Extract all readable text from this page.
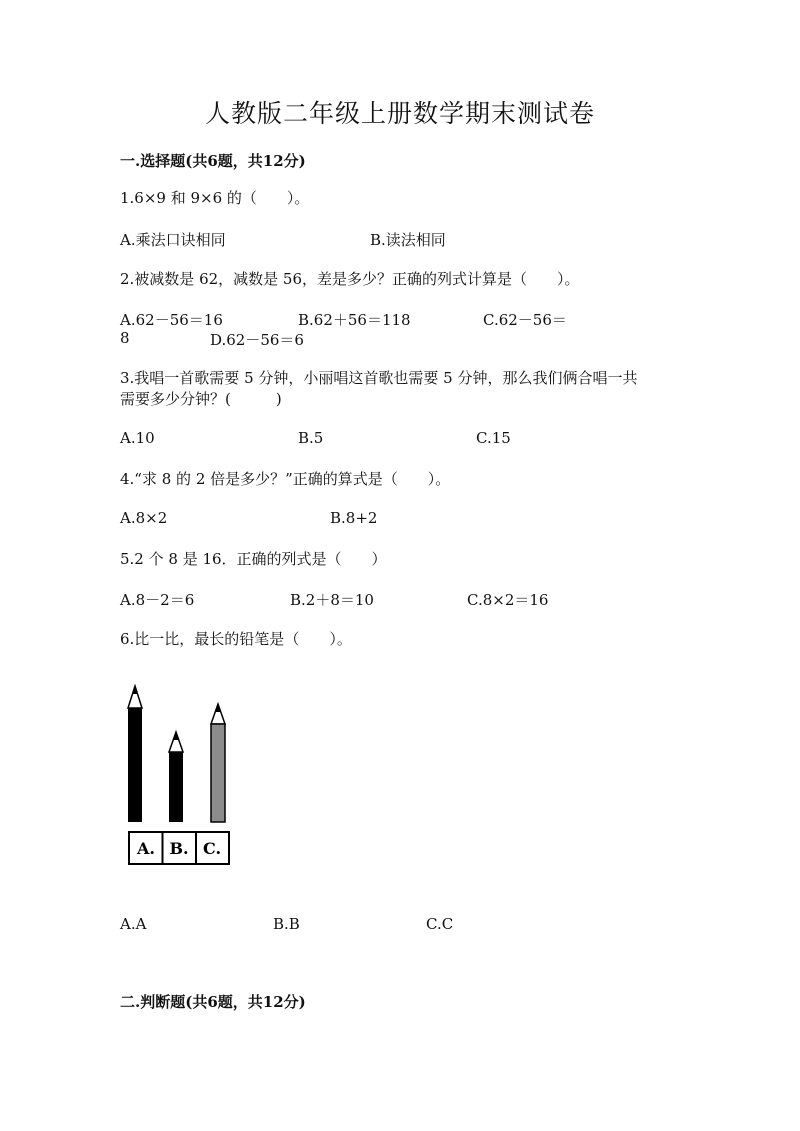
人教版二年级上册数学期末测试卷
一.选择题(共6题，共12分)
1.6×9 和 9×6 的（　　）。
A.乘法口诀相同	B.读法相同
2.被减数是 62，减数是 56，差是多少？正确的列式计算是（　　）。
A.62－56＝16	B.62＋56＝118	C.62－56＝
8	D.62－56＝6
3.我唱一首歌需要 5 分钟，小丽唱这首歌也需要 5 分钟，那么我们俩合唱一共
需要多少分钟？(　　　)
A.10	B.5	C.15
4.“求 8 的 2 倍是多少？”正确的算式是（　　）。
A.8×2	B.8+2
5.2 个 8 是 16．正确的列式是（　　）
A.8－2＝6	B.2＋8＝10	C.8×2＝16
6.比一比，最长的铅笔是（　　）。
A. B. C.
A.A	B.B	C.C
二.判断题(共6题，共12分)
